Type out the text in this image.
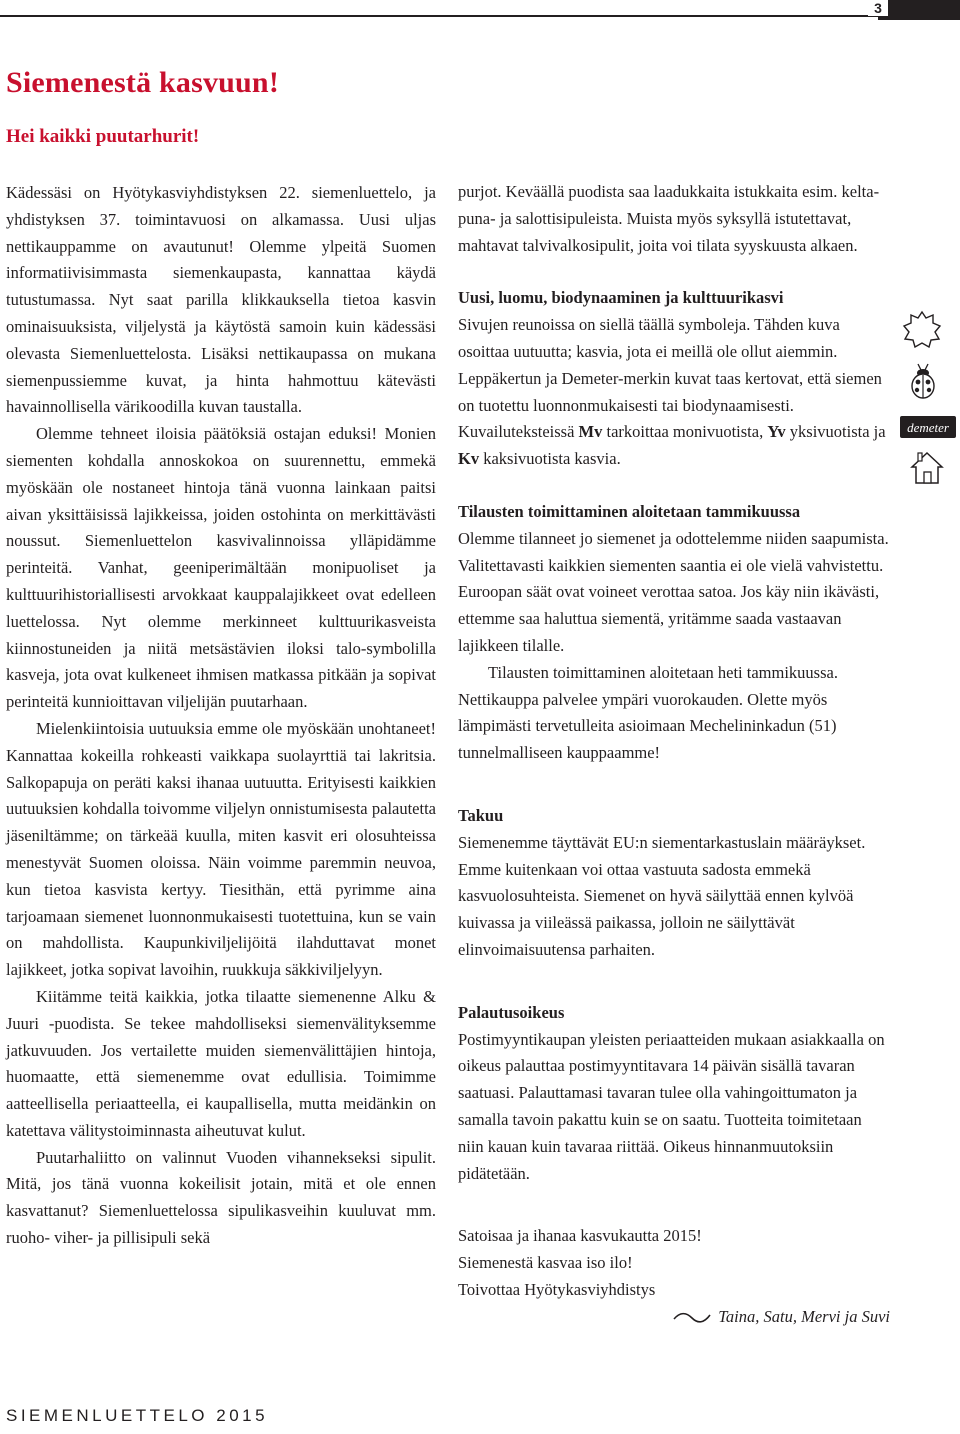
3
Siemenestä kasvuun!
Hei kaikki puutarhurit!

Kädessäsi on Hyötykasviyhdistyksen 22. siemenluettelo, ja yhdistyksen 37. toimintavuosi on alkamassa. Uusi uljas nettikauppamme on avautunut! Olemme ylpeitä Suomen informatiivisimmasta siemenkaupasta, kannattaa käydä tutustumassa. Nyt saat parilla klikkauksella tietoa kasvin ominaisuuksista, viljelystä ja käytöstä samoin kuin kädessäsi olevasta Siemenluettelosta. Lisäksi nettikaupassa on mukana siemenpussiemme kuvat, ja hinta hahmottuu kätevästi havainnollisella värikoodilla kuvan taustalla.

Olemme tehneet iloisia päätöksiä ostajan eduksi! Monien siementen kohdalla annoskokoa on suurennettu, emmekä myöskään ole nostaneet hintoja tänä vuonna lainkaan paitsi aivan yksittäisissä lajikkeissa, joiden ostohinta on merkittävästi noussut. Siemenluettelon kasvivalinnoissa ylläpidämme perinteitä. Vanhat, geeniperimältään monipuoliset ja kulttuurihistoriallisesti arvokkaat kauppalajikkeet ovat edelleen luettelossa. Nyt olemme merkinneet kulttuurikasveista kiinnostuneiden ja niitä metsästävien iloksi talo-symbolilla kasveja, jota ovat kulkeneet ihmisen matkassa pitkään ja sopivat perinteitä kunnioittavan viljelijän puutarhaan.

Mielenkiintoisia uutuuksia emme ole myöskään unohtaneet! Kannattaa kokeilla rohkeasti vaikkapa suolayrttiä tai lakritsia. Salkopapuja on peräti kaksi ihanaa uutuutta. Erityisesti kaikkien uutuuksien kohdalla toivomme viljelyn onnistumisesta palautetta jäseniltämme; on tärkeää kuulla, miten kasvit eri olosuhteissa menestyvät Suomen oloissa. Näin voimme paremmin neuvoa, kun tietoa kasvista kertyy. Tiesithän, että pyrimme aina tarjoamaan siemenet luonnonmukaisesti tuotettuina, kun se vain on mahdollista. Kaupunkiviljelijöitä ilahduttavat monet lajikkeet, jotka sopivat lavoihin, ruukkuja säkkiviljelyyn.

Kiitämme teitä kaikkia, jotka tilaatte siemenenne Alku & Juuri -puodista. Se tekee mahdolliseksi siemenvälityksemme jatkuvuuden. Jos vertailette muiden siemenvälittäjien hintoja, huomaatte, että siemenemme ovat edullisia. Toimimme aatteellisella periaatteella, ei kaupallisella, mutta meidänkin on katettava välitystoiminnasta aiheutuvat kulut.

Puutarhaliitto on valinnut Vuoden vihannekseksi sipulit. Mitä, jos tänä vuonna kokeilisit jotain, mitä et ole ennen kasvattanut? Siemenluettelossa sipulikasveihin kuuluvat mm. ruoho- viher- ja pillisipuli sekä

purjot. Keväällä puodista saa laadukkaita istukkaita esim. kelta- puna- ja salottisipuleista. Muista myös syksyllä istutettavat, mahtavat talvivalkosipulit, joita voi tilata syyskuusta alkaen.

Uusi, luomu, biodynaaminen ja kulttuurikasvi

Sivujen reunoissa on siellä täällä symboleja. Tähden kuva osoittaa uutuutta; kasvia, jota ei meillä ole ollut aiemmin. Leppäkertun ja Demeter-merkin kuvat taas kertovat, että siemen on tuotettu luonnonmukaisesti tai biodynaamisesti. Kuvailuteksteissä Mv tarkoittaa monivuotista, Yv yksivuotista ja Kv kaksivuotista kasvia.

Tilausten toimittaminen aloitetaan tammikuussa

Olemme tilanneet jo siemenet ja odottelemme niiden saapumista. Valitettavasti kaikkien siementen saantia ei ole vielä vahvistettu. Euroopan säät ovat voineet verottaa satoa. Jos käy niin ikävästi, ettemme saa haluttua siementä, yritämme saada vastaavan lajikkeen tilalle.

Tilausten toimittaminen aloitetaan heti tammikuussa. Nettikauppa palvelee ympäri vuorokauden. Olette myös lämpimästi tervetulleita asioimaan Mechelininkadun (51) tunnelmalliseen kauppaamme!

Takuu

Siemenemme täyttävät EU:n siementarkastuslain määräykset. Emme kuitenkaan voi ottaa vastuuta sadosta emmekä kasvuolosuhteista. Siemenet on hyvä säilyttää ennen kylvöä kuivassa ja viileässä paikassa, jolloin ne säilyttävät elinvoimaisuutensa parhaiten.

Palautusoikeus

Postimyyntikaupan yleisten periaatteiden mukaan asiakkaalla on oikeus palauttaa postimyyntitavara 14 päivän sisällä tavaran saatuasi. Palauttamasi tavaran tulee olla vahingoittumaton ja samalla tavoin pakattu kuin se on saatu. Tuotteita toimitetaan niin kauan kuin tavaraa riittää. Oikeus hinnanmuutoksiin pidätetään.

Satoisaa ja ihanaa kasvukautta 2015!

Siemenestä kasvaa iso ilo!

Toivottaa Hyötykasviyhdistys

Taina, Satu, Mervi ja Suvi
demeter

SIEMENLUETTELO 2015
